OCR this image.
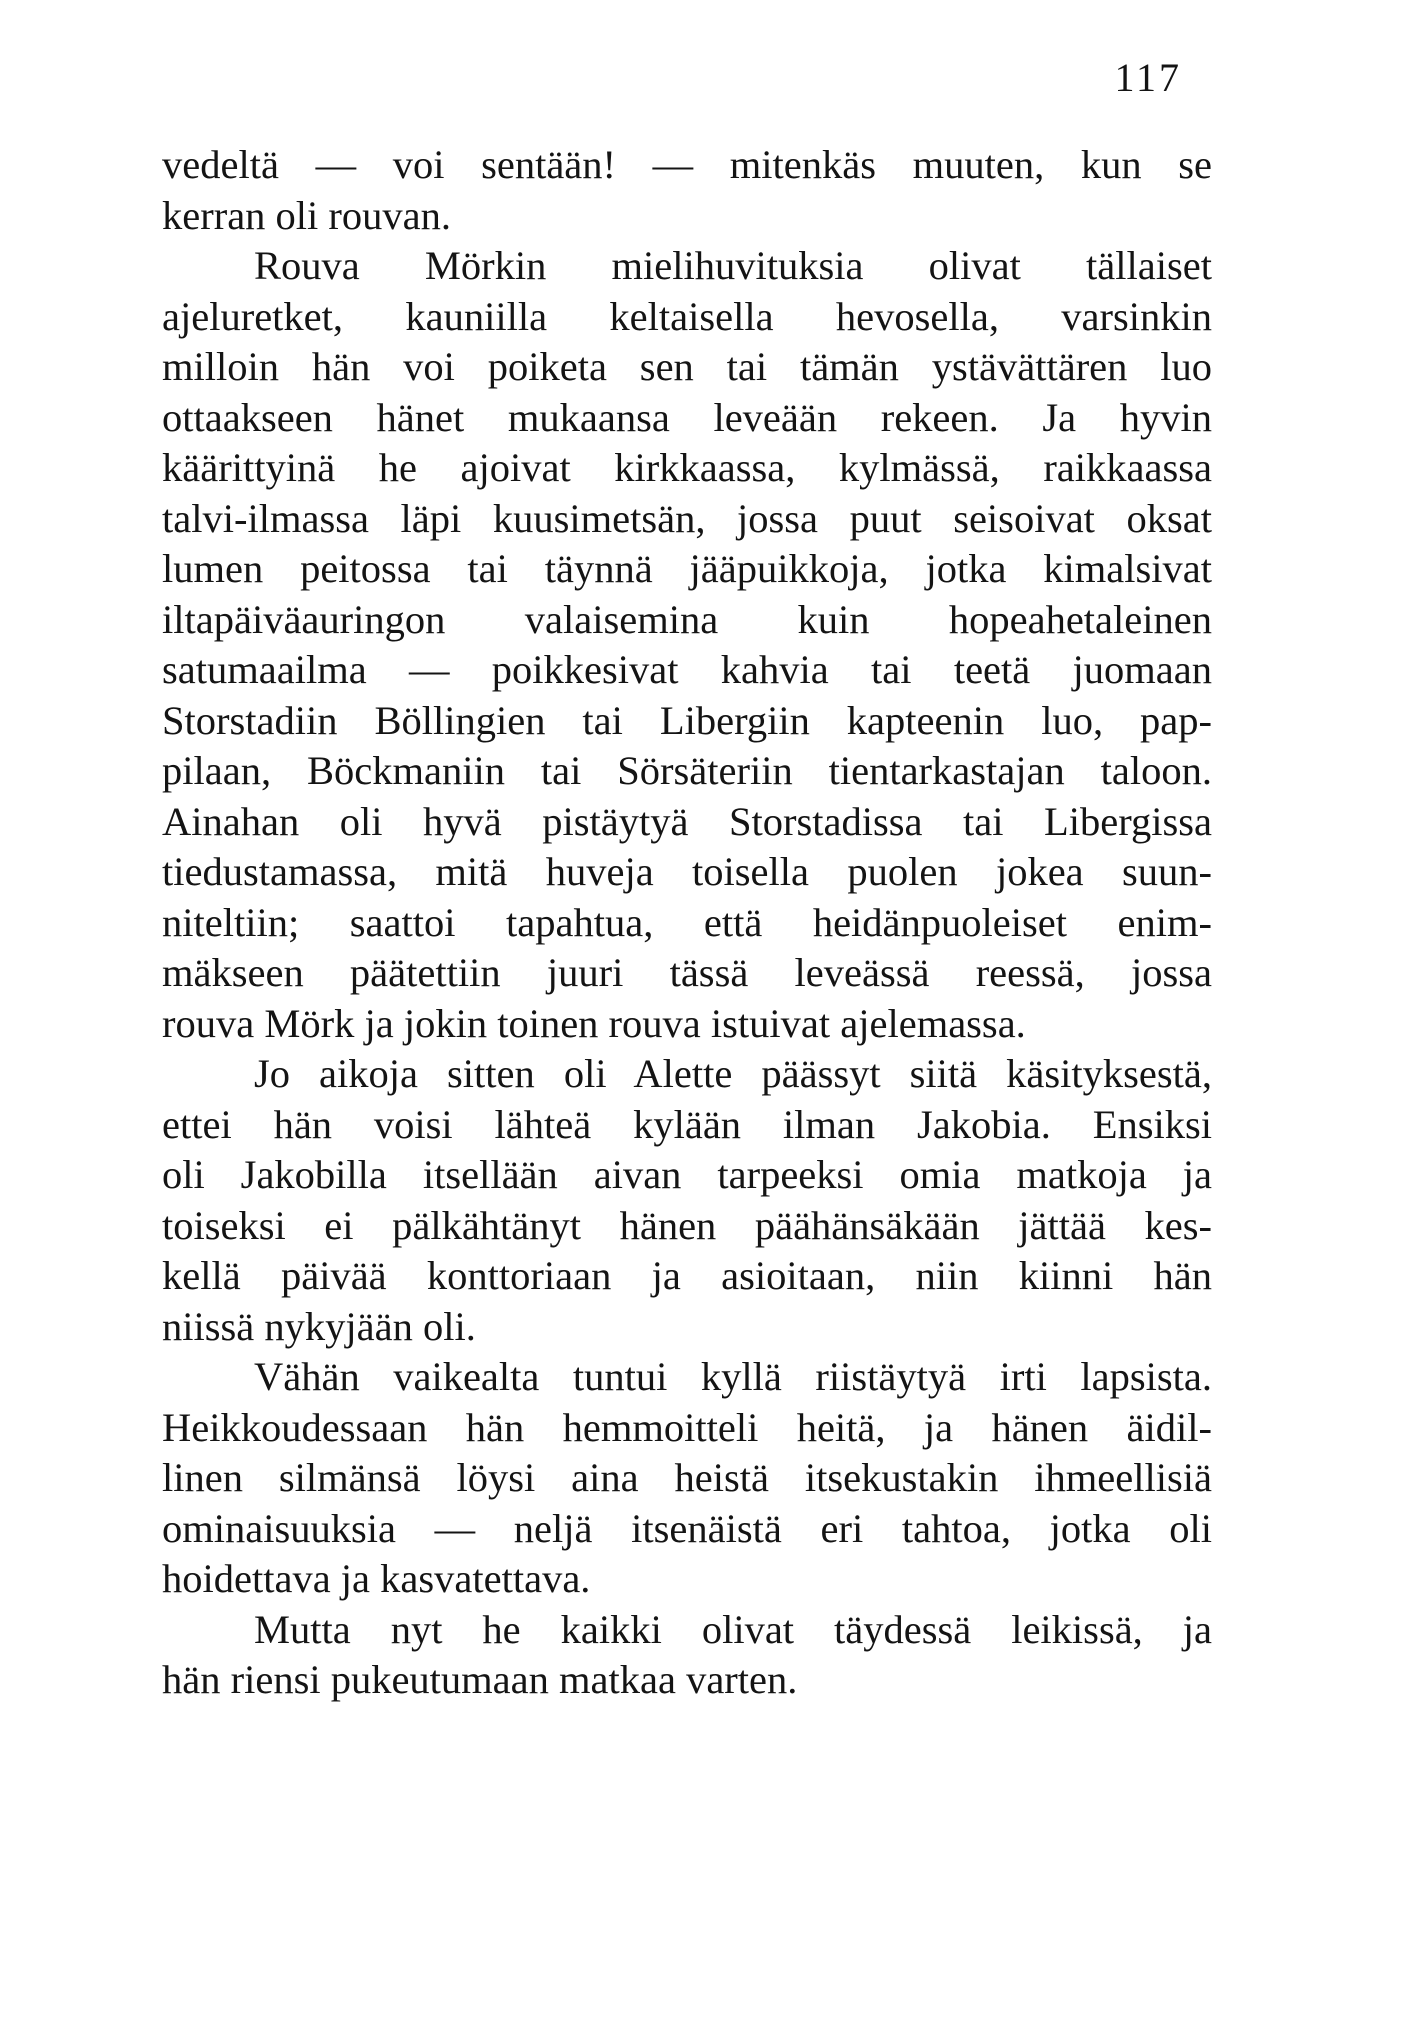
117
vedeltä — voi sentään! — mitenkäs muuten, kun se
kerran oli rouvan.
Rouva Mörkin mielihuvituksia olivat tällaiset
ajeluretket, kauniilla keltaisella hevosella, varsinkin
milloin hän voi poiketa sen tai tämän ystävättären luo
ottaakseen hänet mukaansa leveään rekeen. Ja hyvin
käärittyinä he ajoivat kirkkaassa, kylmässä, raikkaassa
talvi-ilmassa läpi kuusimetsän, jossa puut seisoivat oksat
lumen peitossa tai täynnä jääpuikkoja, jotka kimalsivat
iltapäiväauringon valaisemina kuin hopeahetaleinen
satumaailma — poikkesivat kahvia tai teetä juomaan
Storstadiin Böllingien tai Libergiin kapteenin luo, pap-
pilaan, Böckmaniin tai Sörsäteriin tientarkastajan taloon.
Ainahan oli hyvä pistäytyä Storstadissa tai Libergissa
tiedustamassa, mitä huveja toisella puolen jokea suun-
niteltiin; saattoi tapahtua, että heidänpuoleiset enim-
mäkseen päätettiin juuri tässä leveässä reessä, jossa
rouva Mörk ja jokin toinen rouva istuivat ajelemassa.
Jo aikoja sitten oli Alette päässyt siitä käsityksestä,
ettei hän voisi lähteä kylään ilman Jakobia. Ensiksi
oli Jakobilla itsellään aivan tarpeeksi omia matkoja ja
toiseksi ei pälkähtänyt hänen päähänsäkään jättää kes-
kellä päivää konttoriaan ja asioitaan, niin kiinni hän
niissä nykyjään oli.
Vähän vaikealta tuntui kyllä riistäytyä irti lapsista.
Heikkoudessaan hän hemmoitteli heitä, ja hänen äidil-
linen silmänsä löysi aina heistä itsekustakin ihmeellisiä
ominaisuuksia — neljä itsenäistä eri tahtoa, jotka oli
hoidettava ja kasvatettava.
Mutta nyt he kaikki olivat täydessä leikissä, ja
hän riensi pukeutumaan matkaa varten.
